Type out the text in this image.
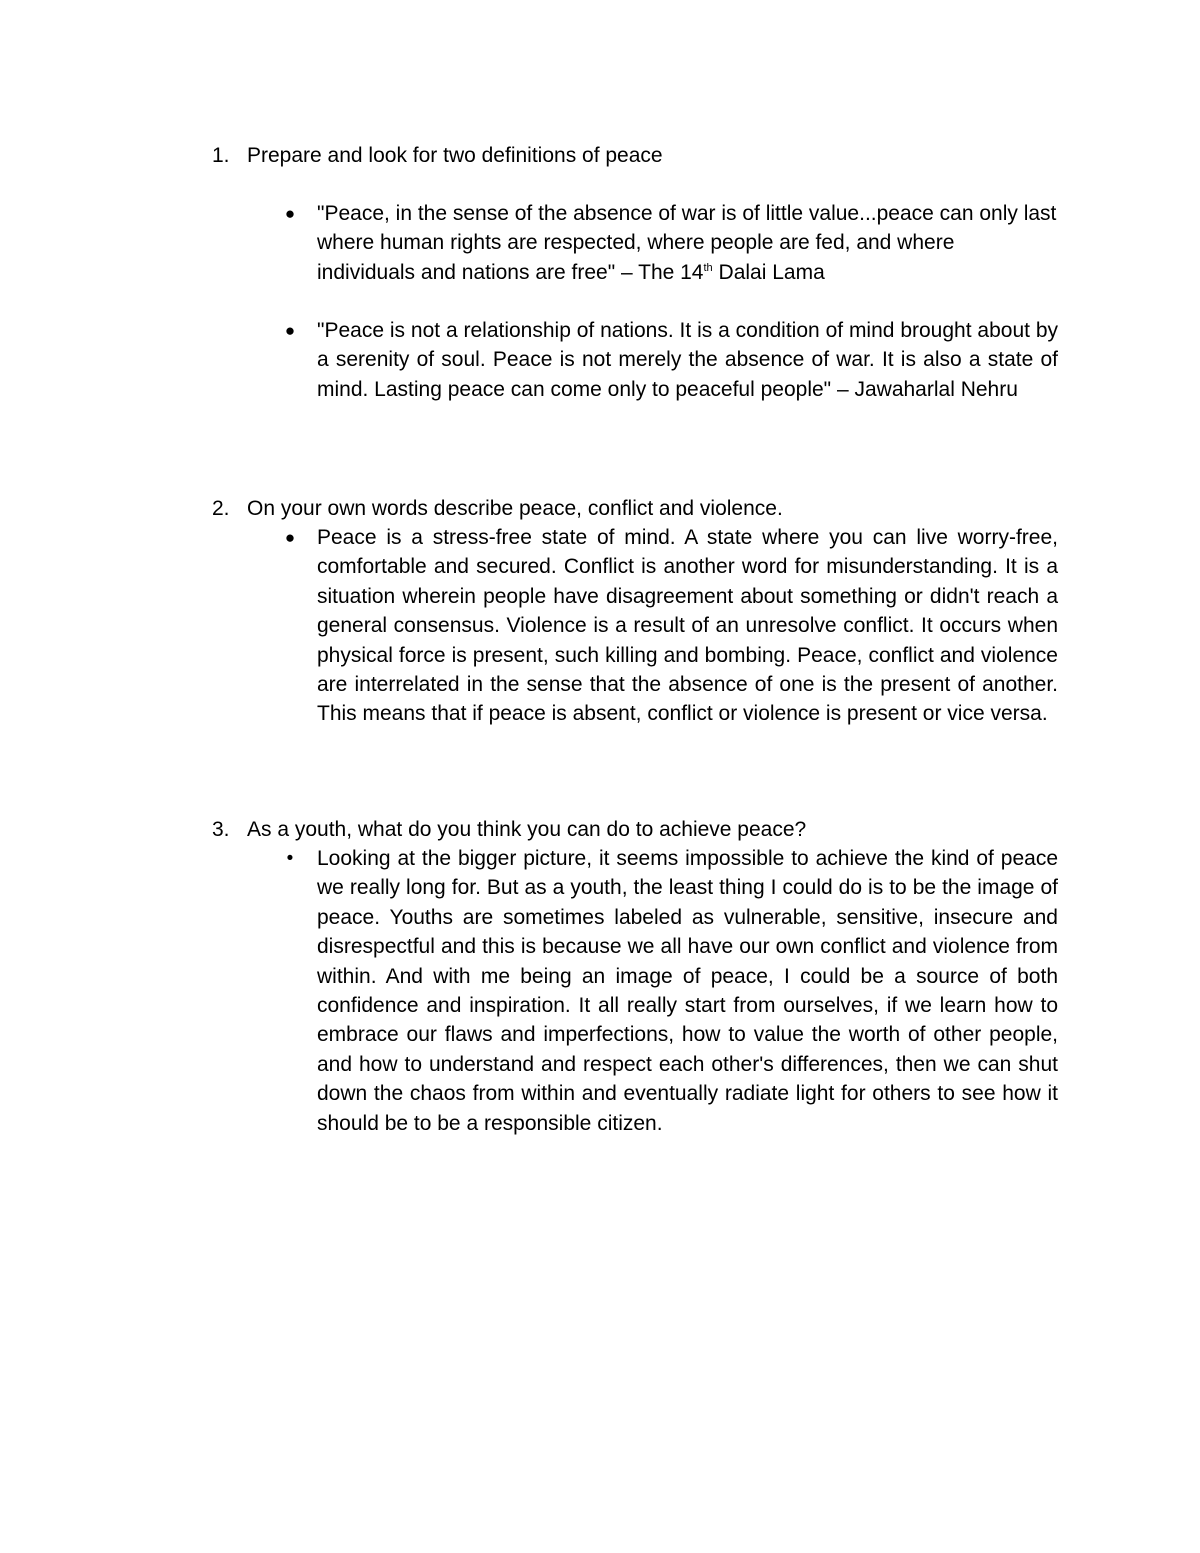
1. Prepare and look for two definitions of peace
● "Peace, in the sense of the absence of war is of little value...peace can only last where human rights are respected, where people are fed, and where individuals and nations are free" – The 14th Dalai Lama
● "Peace is not a relationship of nations. It is a condition of mind brought about by a serenity of soul. Peace is not merely the absence of war. It is also a state of mind. Lasting peace can come only to peaceful people" – Jawaharlal Nehru
2. On your own words describe peace, conflict and violence.
● Peace is a stress-free state of mind. A state where you can live worry-free, comfortable and secured. Conflict is another word for misunderstanding. It is a situation wherein people have disagreement about something or didn't reach a general consensus. Violence is a result of an unresolve conflict. It occurs when physical force is present, such killing and bombing. Peace, conflict and violence are interrelated in the sense that the absence of one is the present of another. This means that if peace is absent, conflict or violence is present or vice versa.
3. As a youth, what do you think you can do to achieve peace?
•	Looking at the bigger picture, it seems impossible to achieve the kind of peace we really long for. But as a youth, the least thing I could do is to be the image of peace. Youths are sometimes labeled as vulnerable, sensitive, insecure and disrespectful and this is because we all have our own conflict and violence from within. And with me being an image of peace, I could be a source of both confidence and inspiration. It all really start from ourselves, if we learn how to embrace our flaws and imperfections, how to value the worth of other people, and how to understand and respect each other's differences, then we can shut down the chaos from within and eventually radiate light for others to see how it should be to be a responsible citizen.
